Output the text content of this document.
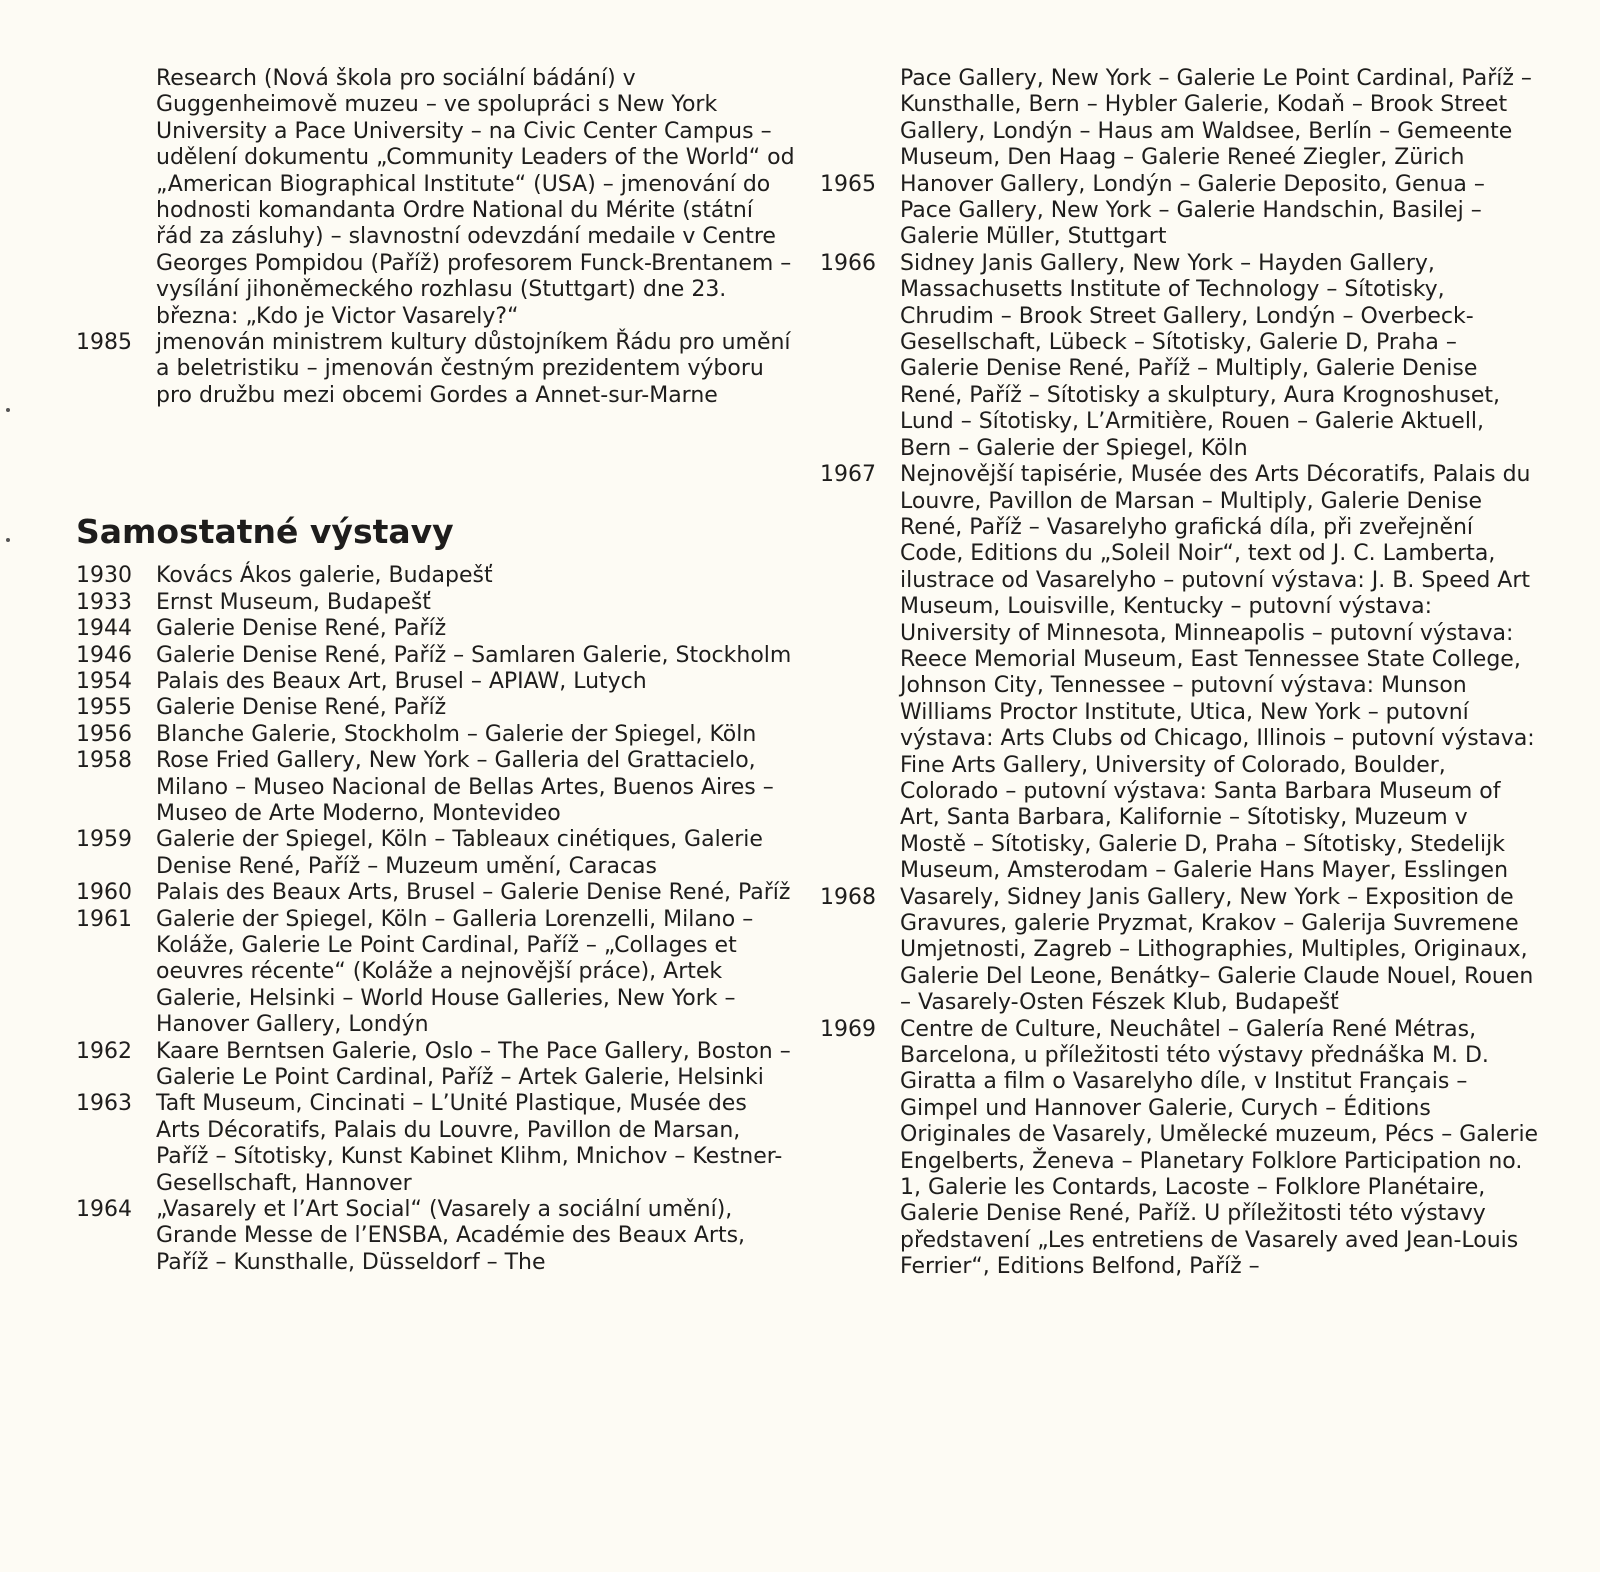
Research (Nová škola pro sociální bádání) v Guggenheimově muzeu – ve spolupráci s New York University a Pace University – na Civic Center Campus – udělení dokumentu „Community Leaders of the World“ od „American Biographical Institute“ (USA) – jmenování do hodnosti komandanta Ordre National du Mérite (státní řád za zásluhy) – slavnostní odevzdání medaile v Centre Georges Pompidou (Paříž) profesorem Funck-Brentanem – vysílání jihoněmeckého rozhlasu (Stuttgart) dne 23. března: „Kdo je Victor Vasarely?“
1985	jmenován ministrem kultury důstojníkem Řádu pro umění a beletristiku – jmenován čestným prezidentem výboru pro družbu mezi obcemi Gordes a Annet-sur-Marne
Samostatné výstavy
1930	Kovács Ákos galerie, Budapešť
1933	Ernst Museum, Budapešť
1944	Galerie Denise René, Paříž
1946	Galerie Denise René, Paříž – Samlaren Galerie, Stockholm
1954	Palais des Beaux Art, Brusel – APIAW, Lutych
1955	Galerie Denise René, Paříž
1956	Blanche Galerie, Stockholm – Galerie der Spiegel, Köln
1958	Rose Fried Gallery, New York – Galleria del Grattacielo, Milano – Museo Nacional de Bellas Artes, Buenos Aires – Museo de Arte Moderno, Montevideo
1959	Galerie der Spiegel, Köln – Tableaux cinétiques, Galerie Denise René, Paříž – Muzeum umění, Caracas
1960	Palais des Beaux Arts, Brusel – Galerie Denise René, Paříž
1961	Galerie der Spiegel, Köln – Galleria Lorenzelli, Milano – Koláže, Galerie Le Point Cardinal, Paříž – „Collages et oeuvres récente“ (Koláže a nejnovější práce), Artek Galerie, Helsinki – World House Galleries, New York – Hanover Gallery, Londýn
1962	Kaare Berntsen Galerie, Oslo – The Pace Gallery, Boston – Galerie Le Point Cardinal, Paříž – Artek Galerie, Helsinki
1963	Taft Museum, Cincinati – L’Unité Plastique, Musée des Arts Décoratifs, Palais du Louvre, Pavillon de Marsan, Paříž – Sítotisky, Kunst Kabinet Klihm, Mnichov – Kestner-Gesellschaft, Hannover
1964	„Vasarely et l’Art Social“ (Vasarely a sociální umění), Grande Messe de l’ENSBA, Académie des Beaux Arts, Paříž – Kunsthalle, Düsseldorf – The
Pace Gallery, New York – Galerie Le Point Cardinal, Paříž – Kunsthalle, Bern – Hybler Galerie, Kodaň – Brook Street Gallery, Londýn – Haus am Waldsee, Berlín – Gemeente Museum, Den Haag – Galerie Reneé Ziegler, Zürich
1965	Hanover Gallery, Londýn – Galerie Deposito, Genua – Pace Gallery, New York – Galerie Handschin, Basilej – Galerie Müller, Stuttgart
1966	Sidney Janis Gallery, New York – Hayden Gallery, Massachusetts Institute of Technology – Sítotisky, Chrudim – Brook Street Gallery, Londýn – Overbeck-Gesellschaft, Lübeck – Sítotisky, Galerie D, Praha – Galerie Denise René, Paříž – Multiply, Galerie Denise René, Paříž – Sítotisky a skulptury, Aura Krognoshuset, Lund – Sítotisky, L’Armitière, Rouen – Galerie Aktuell, Bern – Galerie der Spiegel, Köln
1967	Nejnovější tapisérie, Musée des Arts Décoratifs, Palais du Louvre, Pavillon de Marsan – Multiply, Galerie Denise René, Paříž – Vasarelyho grafická díla, při zveřejnění Code, Editions du „Soleil Noir“, text od J. C. Lamberta, ilustrace od Vasarelyho – putovní výstava: J. B. Speed Art Museum, Louisville, Kentucky – putovní výstava: University of Minnesota, Minneapolis – putovní výstava: Reece Memorial Museum, East Tennessee State College, Johnson City, Tennessee – putovní výstava: Munson Williams Proctor Institute, Utica, New York – putovní výstava: Arts Clubs od Chicago, Illinois – putovní výstava: Fine Arts Gallery, University of Colorado, Boulder, Colorado – putovní výstava: Santa Barbara Museum of Art, Santa Barbara, Kalifornie – Sítotisky, Muzeum v Mostě – Sítotisky, Galerie D, Praha – Sítotisky, Stedelijk Museum, Amsterodam – Galerie Hans Mayer, Esslingen
1968	Vasarely, Sidney Janis Gallery, New York – Exposition de Gravures, galerie Pryzmat, Krakov – Galerija Suvremene Umjetnosti, Zagreb – Lithographies, Multiples, Originaux, Galerie Del Leone, Benátky– Galerie Claude Nouel, Rouen – Vasarely-Osten Fészek Klub, Budapešť
1969	Centre de Culture, Neuchâtel – Galería René Métras, Barcelona, u příležitosti této výstavy přednáška M. D. Giratta a film o Vasarelyho díle, v Institut Français – Gimpel und Hannover Galerie, Curych – Éditions Originales de Vasarely, Umělecké muzeum, Pécs – Galerie Engelberts, Ženeva – Planetary Folklore Participation no. 1, Galerie les Contards, Lacoste – Folklore Planétaire, Galerie Denise René, Paříž. U příležitosti této výstavy představení „Les entretiens de Vasarely aved Jean-Louis Ferrier“, Editions Belfond, Paříž –
